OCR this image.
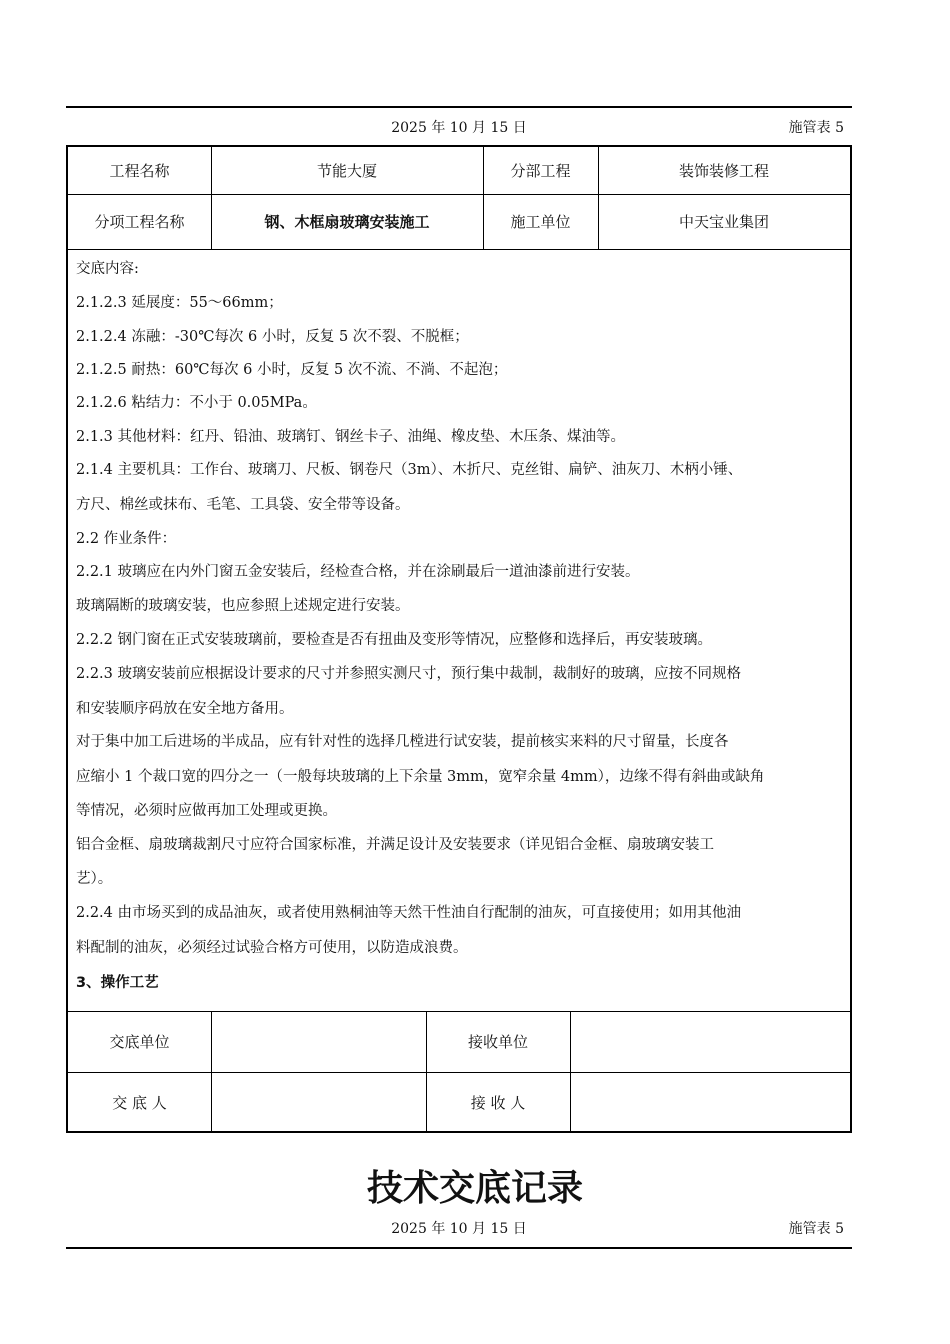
2025 年 10 月 15 日	施管表 5
工程名称	节能大厦	分部工程	装饰装修工程
分项工程名称	钢、木框扇玻璃安装施工	施工单位	中天宝业集团
交底内容:
2.1.2.3 延展度：55～66mm；
2.1.2.4 冻融：-30℃每次 6 小时，反复 5 次不裂、不脱框；
2.1.2.5 耐热：60℃每次 6 小时，反复 5 次不流、不淌、不起泡；
2.1.2.6 粘结力：不小于 0.05MPa。
2.1.3 其他材料：红丹、铅油、玻璃钉、钢丝卡子、油绳、橡皮垫、木压条、煤油等。
2.1.4 主要机具：工作台、玻璃刀、尺板、钢卷尺（3m）、木折尺、克丝钳、扁铲、油灰刀、木柄小锤、
方尺、棉丝或抹布、毛笔、工具袋、安全带等设备。
2.2 作业条件：
2.2.1 玻璃应在内外门窗五金安装后，经检查合格，并在涂刷最后一道油漆前进行安装。
玻璃隔断的玻璃安装，也应参照上述规定进行安装。
2.2.2 钢门窗在正式安装玻璃前，要检查是否有扭曲及变形等情况，应整修和选择后，再安装玻璃。
2.2.3 玻璃安装前应根据设计要求的尺寸并参照实测尺寸，预行集中裁制，裁制好的玻璃，应按不同规格
和安装顺序码放在安全地方备用。
对于集中加工后进场的半成品，应有针对性的选择几樘进行试安装，提前核实来料的尺寸留量，长度各
应缩小 1 个裁口宽的四分之一（一般每块玻璃的上下余量 3mm，宽窄余量 4mm），边缘不得有斜曲或缺角
等情况，必须时应做再加工处理或更换。
铝合金框、扇玻璃裁割尺寸应符合国家标准，并满足设计及安装要求（详见铝合金框、扇玻璃安装工
艺）。
2.2.4 由市场买到的成品油灰，或者使用熟桐油等天然干性油自行配制的油灰，可直接使用；如用其他油
料配制的油灰，必须经过试验合格方可使用，以防造成浪费。
3、操作工艺
交底单位	接收单位
交 底 人	接 收 人
技术交底记录
2025 年 10 月 15 日	施管表 5
